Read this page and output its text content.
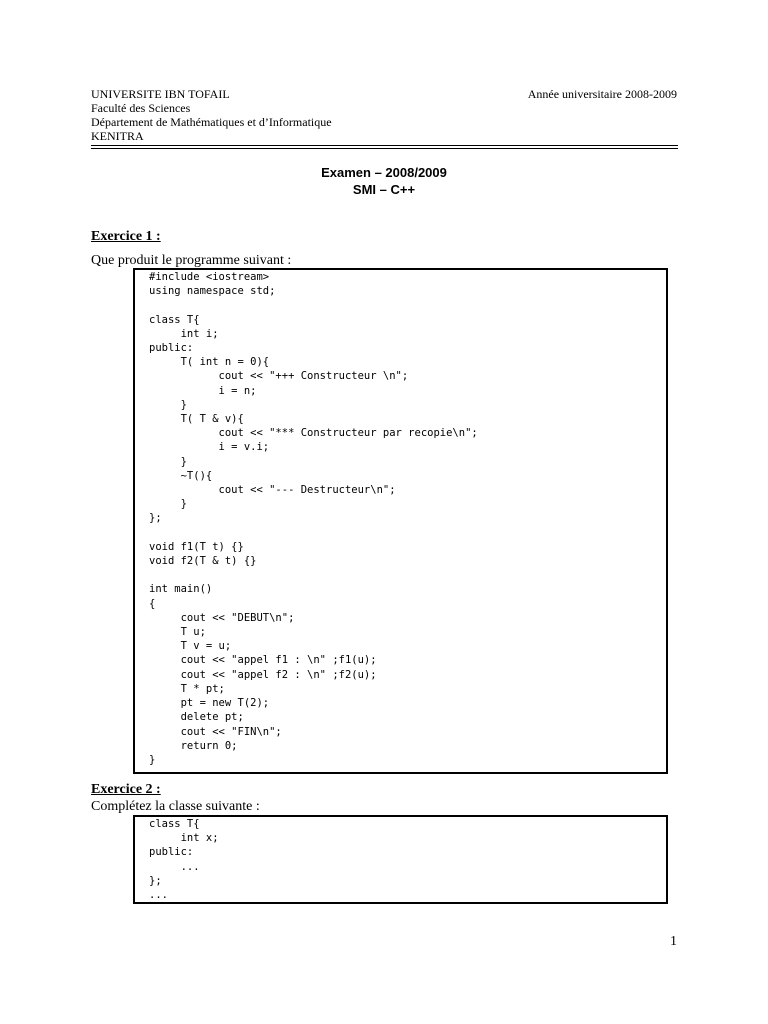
UNIVERSITE IBN TOFAIL
Faculté des Sciences
Département de Mathématiques et d’Informatique
KENITRA
Année universitaire 2008-2009
Examen – 2008/2009
SMI – C++
Exercice 1 :
Que produit le programme suivant :
#include <iostream>
using namespace std;

class T{
int i;
public:
T( int n = 0){
cout << "+++ Constructeur \n";
i = n;
}
T( T & v){
cout << "*** Constructeur par recopie\n";
i = v.i;
}
~T(){
cout << "--- Destructeur\n";
}
};

void f1(T t) {}
void f2(T & t) {}

int main()
{
cout << "DEBUT\n";
T u;
T v = u;
cout << "appel f1 : \n" ;f1(u);
cout << "appel f2 : \n" ;f2(u);
T * pt;
pt = new T(2);
delete pt;
cout << "FIN\n";
return 0;
}
Exercice 2 :
Complétez la classe suivante :
class T{
int x;
public:
...
};
...
1
